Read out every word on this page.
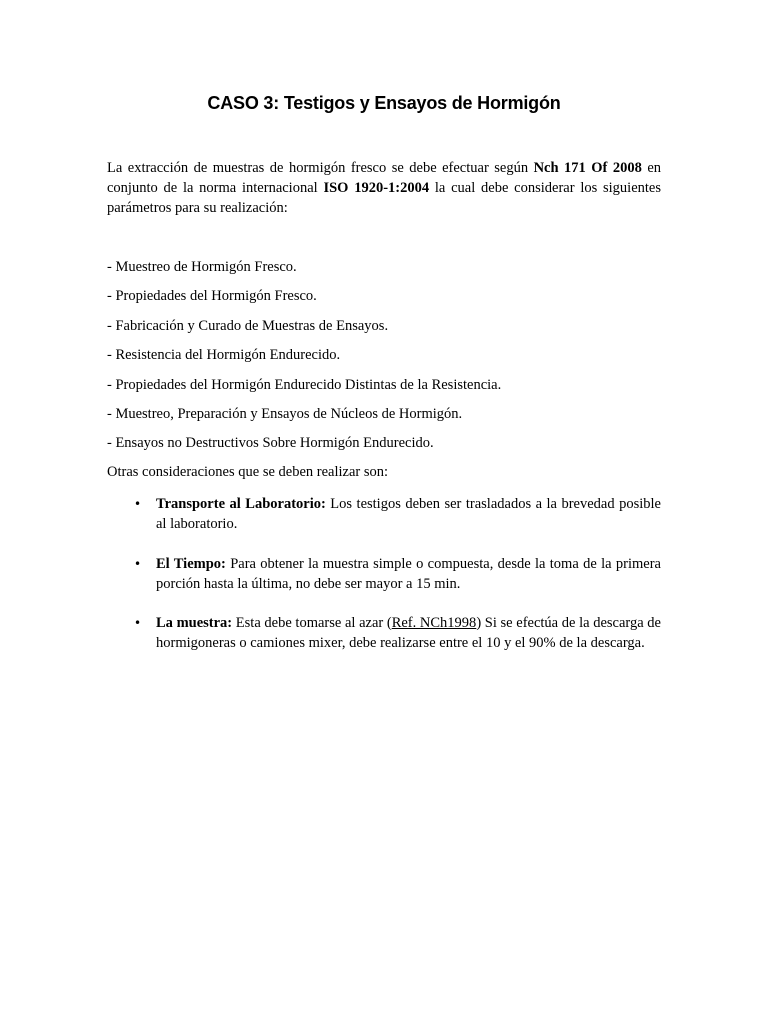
CASO 3: Testigos y Ensayos de Hormigón

La extracción de muestras de hormigón fresco se debe efectuar según Nch 171 Of 2008 en conjunto de la norma internacional ISO 1920-1:2004 la cual debe considerar los siguientes parámetros para su realización:

- Muestreo de Hormigón Fresco.
- Propiedades del Hormigón Fresco.
- Fabricación y Curado de Muestras de Ensayos.
- Resistencia del Hormigón Endurecido.
- Propiedades del Hormigón Endurecido Distintas de la Resistencia.
- Muestreo, Preparación y Ensayos de Núcleos de Hormigón.
- Ensayos no Destructivos Sobre Hormigón Endurecido.
Otras consideraciones que se deben realizar son:
• Transporte al Laboratorio: Los testigos deben ser trasladados a la brevedad posible al laboratorio.
• El Tiempo: Para obtener la muestra simple o compuesta, desde la toma de la primera porción hasta la última, no debe ser mayor a 15 min.
• La muestra: Esta debe tomarse al azar (Ref. NCh1998) Si se efectúa de la descarga de hormigoneras o camiones mixer, debe realizarse entre el 10 y el 90% de la descarga.
